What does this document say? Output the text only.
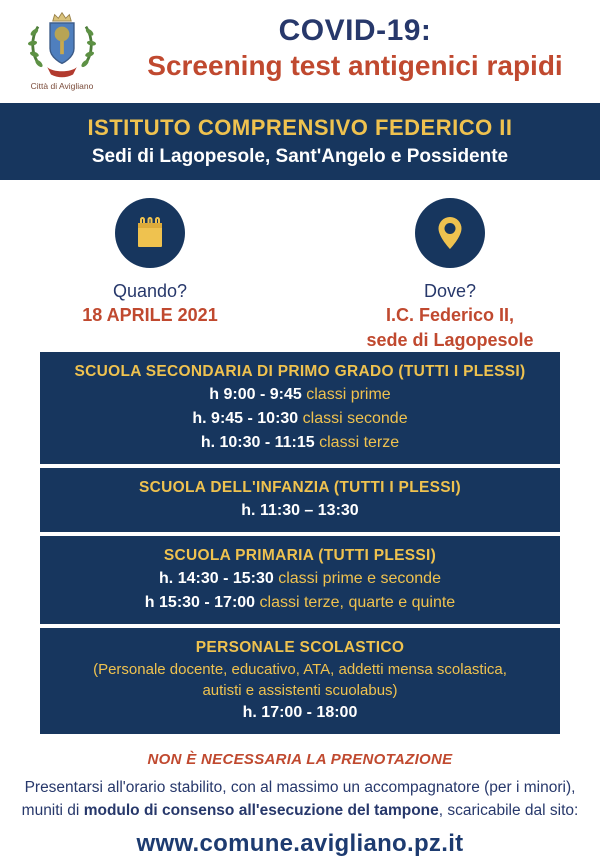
Città di Avigliano
COVID-19:
Screening test antigenici rapidi
ISTITUTO COMPRENSIVO FEDERICO II
Sedi di Lagopesole, Sant'Angelo e Possidente
Quando?
18 APRILE 2021
Dove?
I.C. Federico II,
sede di Lagopesole
SCUOLA SECONDARIA DI PRIMO GRADO (TUTTI I PLESSI)
h 9:00 - 9:45 classi prime
h. 9:45 - 10:30 classi seconde
h. 10:30 - 11:15 classi terze
SCUOLA DELL'INFANZIA (TUTTI I PLESSI)
h. 11:30 – 13:30
SCUOLA PRIMARIA (TUTTI PLESSI)
h. 14:30 - 15:30 classi prime e seconde
h 15:30 - 17:00 classi terze, quarte e quinte
PERSONALE SCOLASTICO
(Personale docente, educativo, ATA, addetti mensa scolastica,
autisti e assistenti scuolabus)
h. 17:00 - 18:00
NON È NECESSARIA LA PRENOTAZIONE
Presentarsi all'orario stabilito, con al massimo un accompagnatore (per i minori),
muniti di modulo di consenso all'esecuzione del tampone, scaricabile dal sito:
www.comune.avigliano.pz.it
